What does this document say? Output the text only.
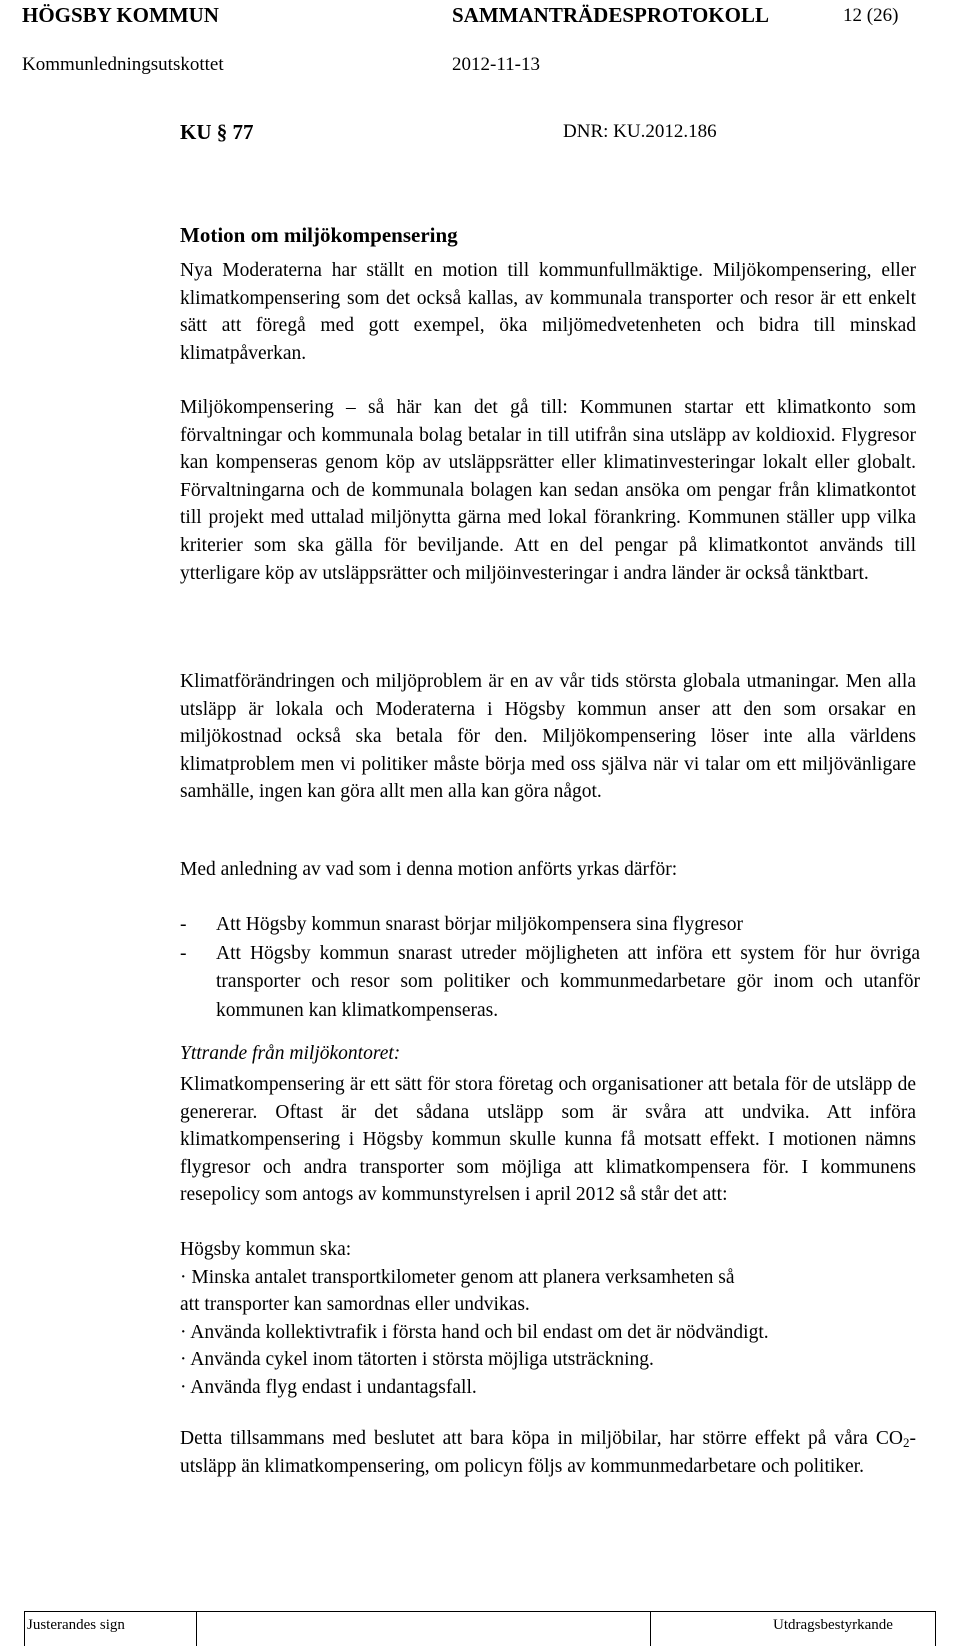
HÖGSBY KOMMUN	SAMMANTRÄDESPROTOKOLL	12 (26)
Kommunledningsutskottet	2012-11-13
KU § 77	DNR: KU.2012.186
Motion om miljökompensering

Nya Moderaterna har ställt en motion till kommunfullmäktige. Miljökompensering, eller klimatkompensering som det också kallas, av kommunala transporter och resor är ett enkelt sätt att föregå med gott exempel, öka miljömedvetenheten och bidra till minskad klimatpåverkan.

Miljökompensering – så här kan det gå till: Kommunen startar ett klimatkonto som förvaltningar och kommunala bolag betalar in till utifrån sina utsläpp av koldioxid. Flygresor kan kompenseras genom köp av utsläppsrätter eller klimatinvesteringar lokalt eller globalt. Förvaltningarna och de kommunala bolagen kan sedan ansöka om pengar från klimatkontot till projekt med uttalad miljönytta gärna med lokal förankring. Kommunen ställer upp vilka kriterier som ska gälla för beviljande. Att en del pengar på klimatkontot används till ytterligare köp av utsläppsrätter och miljöinvesteringar i andra länder är också tänktbart.

Klimatförändringen och miljöproblem är en av vår tids största globala utmaningar. Men alla utsläpp är lokala och Moderaterna i Högsby kommun anser att den som orsakar en miljökostnad också ska betala för den. Miljökompensering löser inte alla världens klimatproblem men vi politiker måste börja med oss själva när vi talar om ett miljövänligare samhälle, ingen kan göra allt men alla kan göra något.

Med anledning av vad som i denna motion anförts yrkas därför:

- Att Högsby kommun snarast börjar miljökompensera sina flygresor
- Att Högsby kommun snarast utreder möjligheten att införa ett system för hur övriga transporter och resor som politiker och kommunmedarbetare gör inom och utanför kommunen kan klimatkompenseras.
Yttrande från miljökontoret:

Klimatkompensering är ett sätt för stora företag och organisationer att betala för de utsläpp de genererar. Oftast är det sådana utsläpp som är svåra att undvika. Att införa klimatkompensering i Högsby kommun skulle kunna få motsatt effekt. I motionen nämns flygresor och andra transporter som möjliga att klimatkompensera för. I kommunens resepolicy som antogs av kommunstyrelsen i april 2012 så står det att:

Högsby kommun ska:
· Minska antalet transportkilometer genom att planera verksamheten så
att transporter kan samordnas eller undvikas.
· Använda kollektivtrafik i första hand och bil endast om det är nödvändigt.
· Använda cykel inom tätorten i största möjliga utsträckning.
· Använda flyg endast i undantagsfall.

Detta tillsammans med beslutet att bara köpa in miljöbilar, har större effekt på våra $CO_2$-utsläpp än klimatkompensering, om policyn följs av kommunmedarbetare och politiker.

Justerandes sign	Utdragsbestyrkande
